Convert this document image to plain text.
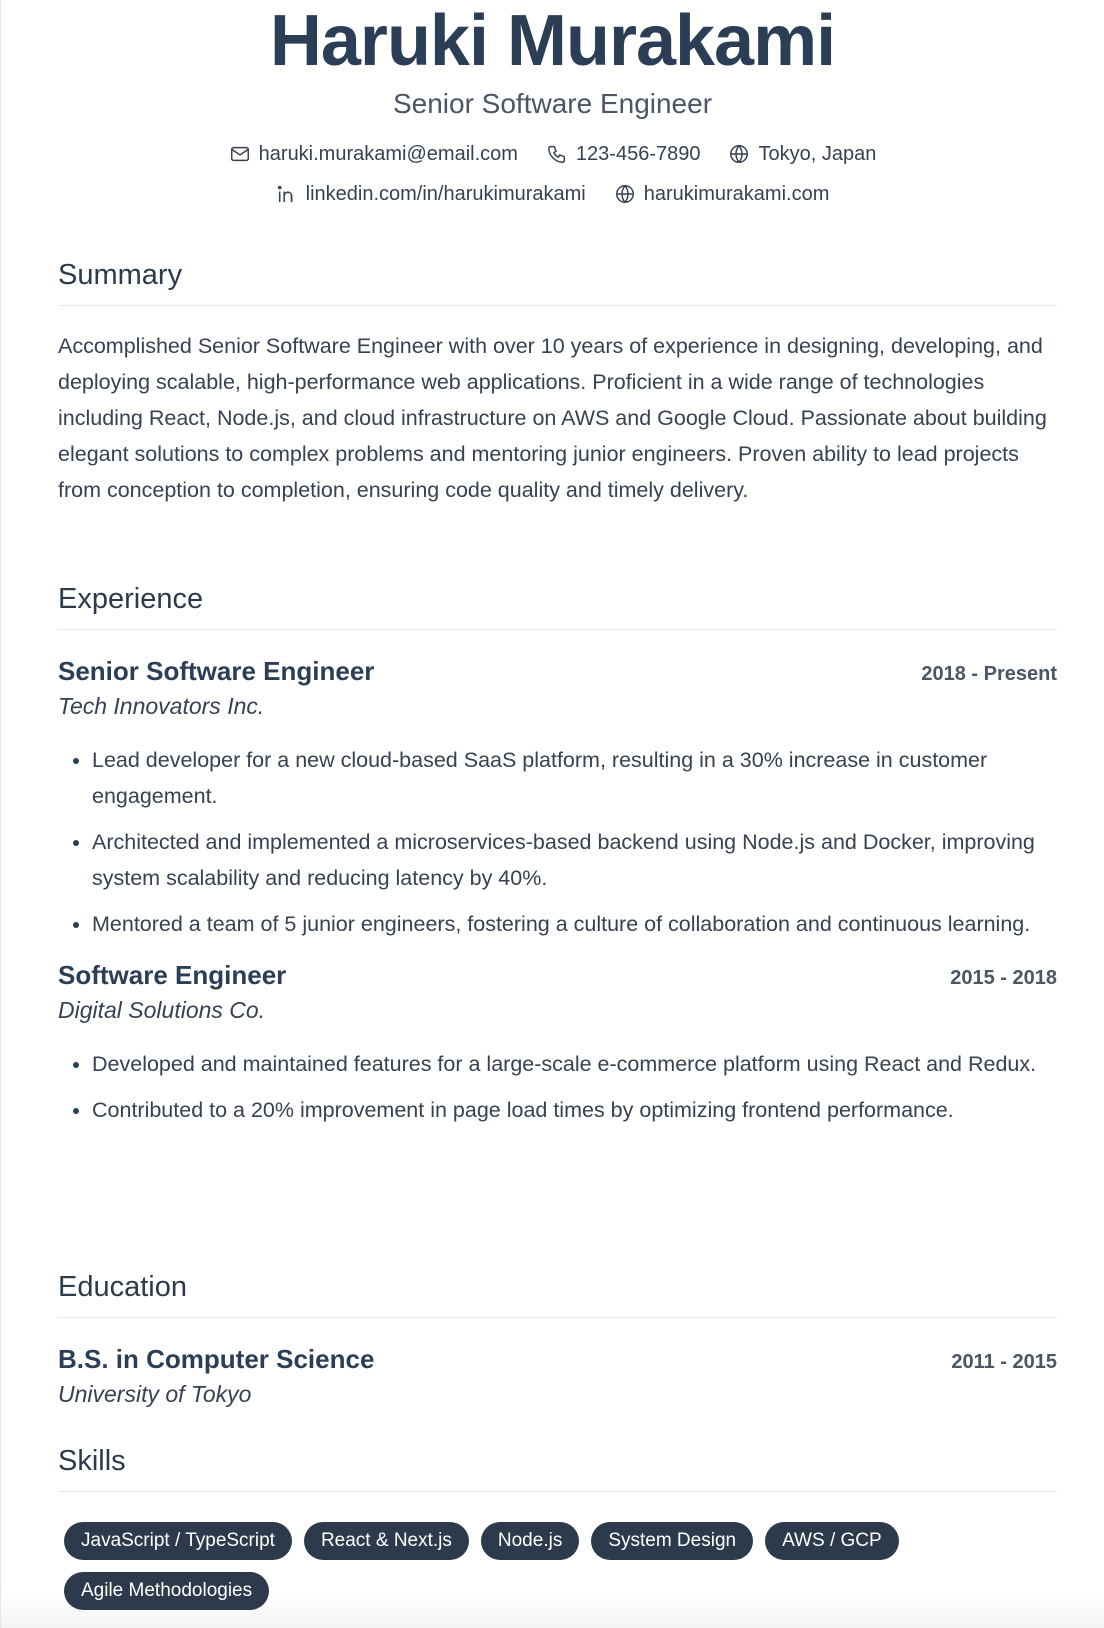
Haruki Murakami
Senior Software Engineer
haruki.murakami@email.com	123-456-7890	Tokyo, Japan
linkedin.com/in/harukimurakami	harukimurakami.com
Summary
Accomplished Senior Software Engineer with over 10 years of experience in designing, developing, and deploying scalable, high-performance web applications. Proficient in a wide range of technologies including React, Node.js, and cloud infrastructure on AWS and Google Cloud. Passionate about building elegant solutions to complex problems and mentoring junior engineers. Proven ability to lead projects from conception to completion, ensuring code quality and timely delivery.
Experience
Senior Software Engineer	2018 - Present
Tech Innovators Inc.
• Lead developer for a new cloud-based SaaS platform, resulting in a 30% increase in customer engagement.
• Architected and implemented a microservices-based backend using Node.js and Docker, improving system scalability and reducing latency by 40%.
• Mentored a team of 5 junior engineers, fostering a culture of collaboration and continuous learning.
Software Engineer	2015 - 2018
Digital Solutions Co.
• Developed and maintained features for a large-scale e-commerce platform using React and Redux.
• Contributed to a 20% improvement in page load times by optimizing frontend performance.
Education
B.S. in Computer Science	2011 - 2015
University of Tokyo
Skills
JavaScript / TypeScript	React & Next.js	Node.js	System Design	AWS / GCP
Agile Methodologies
